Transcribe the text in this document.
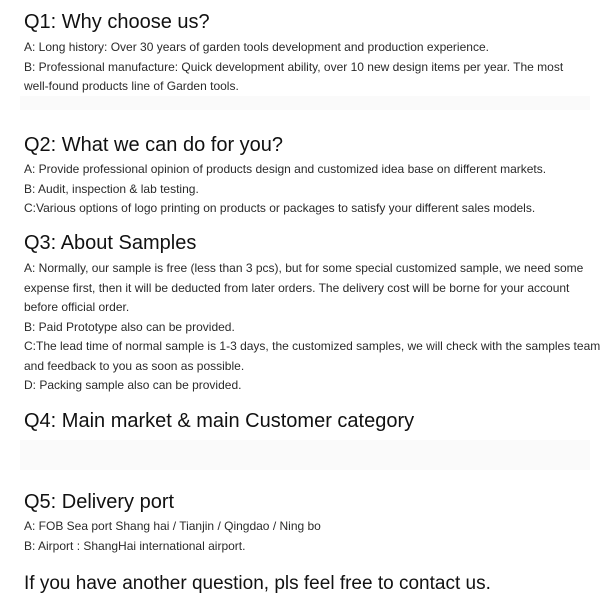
Q1: Why choose us?

A: Long history: Over 30 years of garden tools development and production experience.

B: Professional manufacture: Quick development ability, over 10 new design items per year. The most

well-found products line of Garden tools.

Q2: What we can do for you?

A: Provide professional opinion of products design and customized idea base on different markets.

B: Audit, inspection & lab testing.

C:Various options of logo printing on products or packages to satisfy your different sales models.

Q3: About Samples

A: Normally, our sample is free (less than 3 pcs), but for some special customized sample, we need some

expense first, then it will be deducted from later orders. The delivery cost will be borne for your account

before official order.

B: Paid Prototype also can be provided.

C:The lead time of normal sample is 1-3 days, the customized samples, we will check with the samples team

and feedback to you as soon as possible.

D: Packing sample also can be provided.

Q4: Main market & main Customer category
Q5: Delivery port

A: FOB Sea port Shang hai / Tianjin / Qingdao / Ning bo

B: Airport : ShangHai international airport.

If you have another question, pls feel free to contact us.
